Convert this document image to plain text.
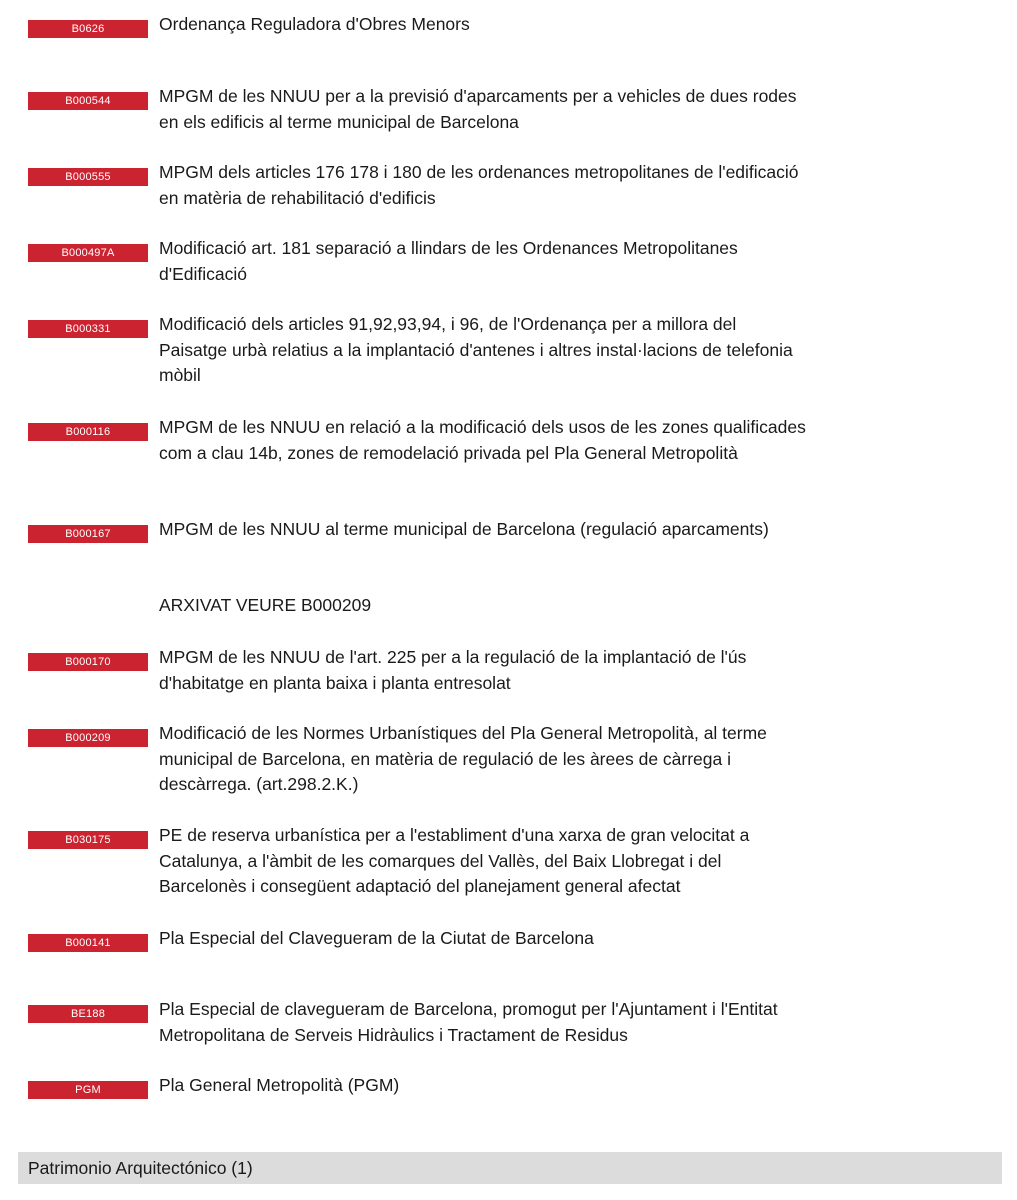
B0626	Ordenança Reguladora d'Obres Menors
B000544	MPGM de les NNUU per a la previsió d'aparcaments per a vehicles de dues rodes en els edificis al terme municipal de Barcelona
B000555	MPGM dels articles 176 178 i 180 de les ordenances metropolitanes de l'edificació en matèria de rehabilitació d'edificis
B000497A	Modificació art. 181 separació a llindars de les Ordenances Metropolitanes d'Edificació
B000331	Modificació dels articles 91,92,93,94, i 96, de l'Ordenança per a millora del Paisatge urbà relatius a la implantació d'antenes i altres instal·lacions de telefonia mòbil
B000116	MPGM de les NNUU en relació a la modificació dels usos de les zones qualificades com a clau 14b, zones de remodelació privada pel Pla General Metropolità
B000167	MPGM de les NNUU al terme municipal de Barcelona (regulació aparcaments)
ARXIVAT VEURE B000209
B000170	MPGM de les NNUU de l'art. 225 per a la regulació de la implantació de l'ús d'habitatge en planta baixa i planta entresolat
B000209	Modificació de les Normes Urbanístiques del Pla General Metropolità, al terme municipal de Barcelona, en matèria de regulació de les àrees de càrrega i descàrrega. (art.298.2.K.)
B030175	PE de reserva urbanística per a l'establiment d'una xarxa de gran velocitat a Catalunya, a l'àmbit de les comarques del Vallès, del Baix Llobregat i del Barcelonès i consegüent adaptació del planejament general afectat
B000141	Pla Especial del Clavegueram de la Ciutat de Barcelona
BE188	Pla Especial de clavegueram de Barcelona, promogut per l'Ajuntament i l'Entitat Metropolitana de Serveis Hidràulics i Tractament de Residus
PGM	Pla General Metropolità (PGM)
Patrimonio Arquitectónico (1)
